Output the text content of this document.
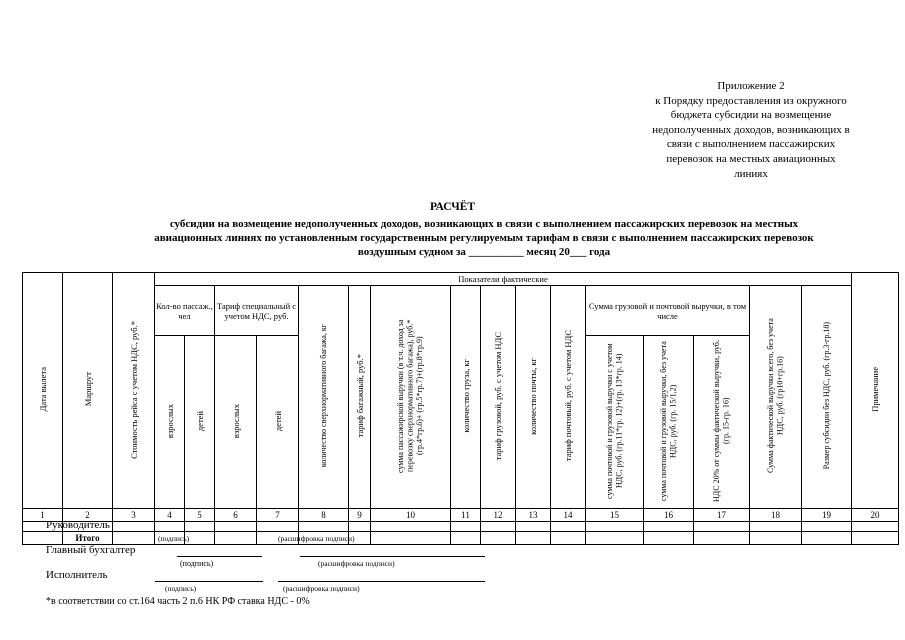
Приложение 2
к Порядку предоставления из окружного
бюджета субсидии на возмещение
недополученных доходов, возникающих в
связи с выполнением пассажирских
перевозок на местных авиационных
линиях
РАСЧЁТ
субсидии на возмещение недополученных доходов, возникающих в связи с выполнением пассажирских перевозок на местных
авиационных линиях по установленным государственным регулируемым тарифам в связи с выполнением пассажирских перевозок
воздушным судном за __________ месяц 20___ года
Дата вылета	Маршрут	Стоимость рейса с учетом НДС, руб.*	Показатели фактические																Примечание
			Кол-во пассаж., чел		Тариф специальный с учетом НДС, руб.		количество сверхнормативного багажа, кг	тариф багажный, руб.*	сумма пассажирской выручки (в т.ч. доход за перевозку сверхнормативного багажа), руб.* (гр.4*гр.6)+ (гр.5*гр.7)+(гр.8*гр.9)	количество груза, кг	тариф грузовой, руб. с учетом НДС	количество почты, кг	тариф почтовый, руб. с учетом НДС	Сумма грузовой и почтовой выручки, в том числе			Сумма фактической выручки всего, без учета НДС, руб. (гр10+гр.16)	Размер субсидии без НДС, руб. (гр.3-гр.18)	
			взрослых	детей	взрослых	детей								сумма почтовой и грузовой выручки с учетом НДС, руб. (гр.11*гр. 12)+(гр. 13*гр. 14)	сумма почтовой и грузовой выручки, без учета НДС, руб. (гр. 15/1,2)	НДС 20% от суммы фактической выручки, руб. (гр. 15-гр. 16)			
1	2	3	4	5	6	7	8	9	10	11	12	13	14	15	16	17	18	19	20

	Итого																		
Руководитель
(подпись)	(расшифровка подписи)
Главный бухгалтер
(подпись)	(расшифровка подписи)
Исполнитель
(подпись)	(расшифровка подписи)
*в соответствии со ст.164 часть 2 п.6 НК РФ ставка НДС - 0%
